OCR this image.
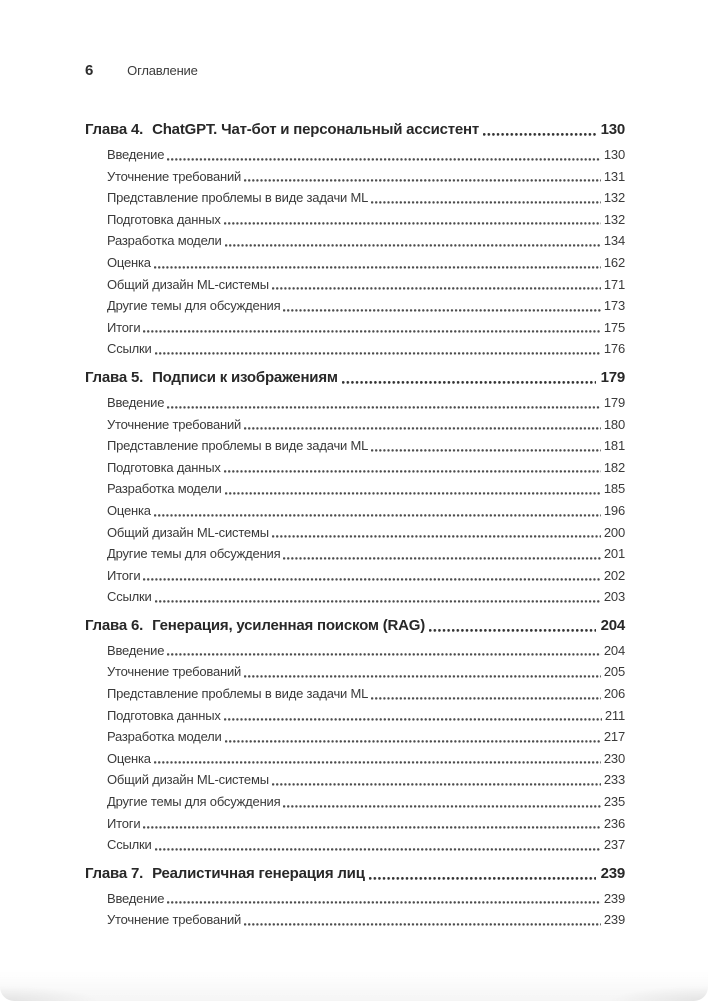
6	Оглавление
Глава 4. ChatGPT. Чат-бот и персональный ассистент	130
Введение	130
Уточнение требований	131
Представление проблемы в виде задачи ML	132
Подготовка данных	132
Разработка модели	134
Оценка	162
Общий дизайн ML-системы	171
Другие темы для обсуждения	173
Итоги	175
Ссылки	176
Глава 5. Подписи к изображениям	179
Введение	179
Уточнение требований	180
Представление проблемы в виде задачи ML	181
Подготовка данных	182
Разработка модели	185
Оценка	196
Общий дизайн ML-системы	200
Другие темы для обсуждения	201
Итоги	202
Ссылки	203
Глава 6. Генерация, усиленная поиском (RAG)	204
Введение	204
Уточнение требований	205
Представление проблемы в виде задачи ML	206
Подготовка данных	211
Разработка модели	217
Оценка	230
Общий дизайн ML-системы	233
Другие темы для обсуждения	235
Итоги	236
Ссылки	237
Глава 7. Реалистичная генерация лиц	239
Введение	239
Уточнение требований	239
